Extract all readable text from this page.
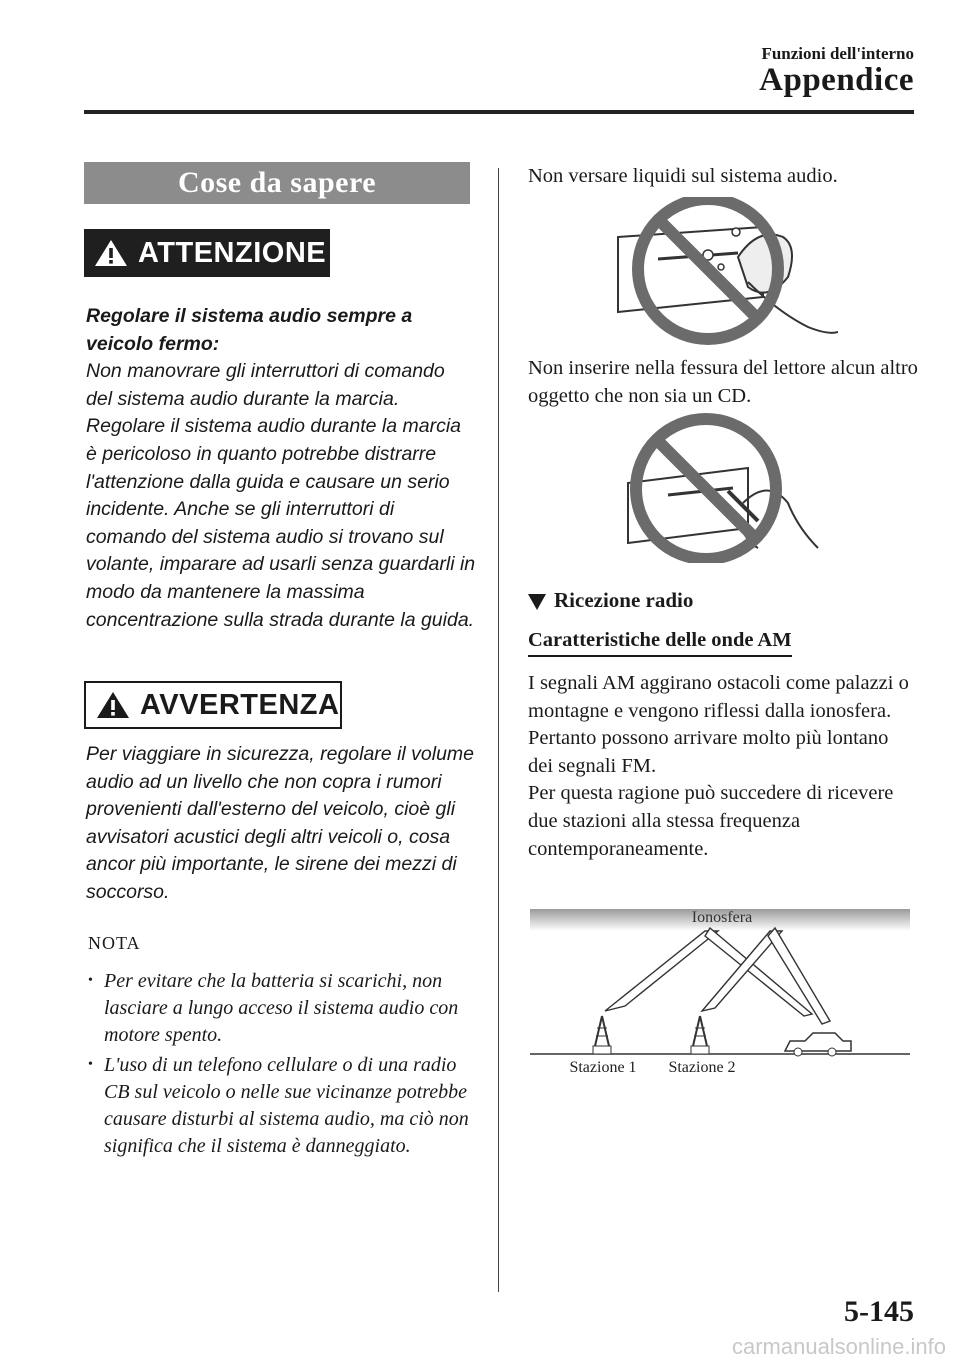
Funzioni dell'interno
Appendice
Cose da sapere
ATTENZIONE

Regolare il sistema audio sempre a veicolo fermo:

Non manovrare gli interruttori di comando del sistema audio durante la marcia. Regolare il sistema audio durante la marcia è pericoloso in quanto potrebbe distrarre l'attenzione dalla guida e causare un serio incidente. Anche se gli interruttori di comando del sistema audio si trovano sul volante, imparare ad usarli senza guardarli in modo da mantenere la massima concentrazione sulla strada durante la guida.

AVVERTENZA

Per viaggiare in sicurezza, regolare il volume audio ad un livello che non copra i rumori provenienti dall'esterno del veicolo, cioè gli avvisatori acustici degli altri veicoli o, cosa ancor più importante, le sirene dei mezzi di soccorso.

NOTA
• Per evitare che la batteria si scarichi, non lasciare a lungo acceso il sistema audio con motore spento.
• L'uso di un telefono cellulare o di una radio CB sul veicolo o nelle sue vicinanze potrebbe causare disturbi al sistema audio, ma ciò non significa che il sistema è danneggiato.

Non versare liquidi sul sistema audio.

Non inserire nella fessura del lettore alcun altro oggetto che non sia un CD.

Ricezione radio
Caratteristiche delle onde AM

I segnali AM aggirano ostacoli come palazzi o montagne e vengono riflessi dalla ionosfera.

Pertanto possono arrivare molto più lontano dei segnali FM.

Per questa ragione può succedere di ricevere due stazioni alla stessa frequenza contemporaneamente.

Ionosfera
Stazione 1 Stazione 2
5-145
carmanualsonline.info
